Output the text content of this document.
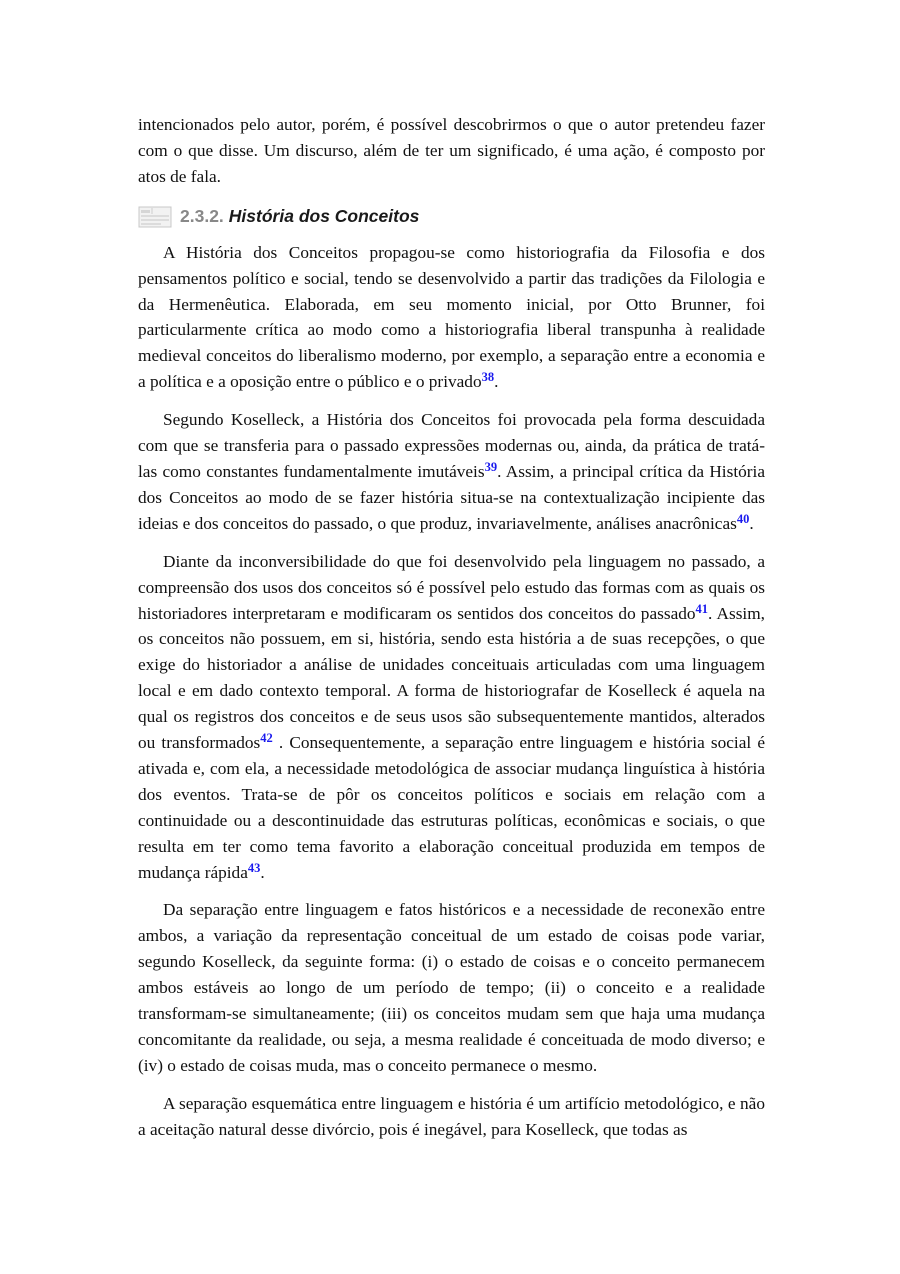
intencionados pelo autor, porém, é possível descobrirmos o que o autor pretendeu fazer com o que disse. Um discurso, além de ter um significado, é uma ação, é composto por atos de fala.

2.3.2. História dos Conceitos

A História dos Conceitos propagou-se como historiografia da Filosofia e dos pensamentos político e social, tendo se desenvolvido a partir das tradições da Filologia e da Hermenêutica. Elaborada, em seu momento inicial, por Otto Brunner, foi particularmente crítica ao modo como a historiografia liberal transpunha à realidade medieval conceitos do liberalismo moderno, por exemplo, a separação entre a economia e a política e a oposição entre o público e o privado$^{38}$.

Segundo Koselleck, a História dos Conceitos foi provocada pela forma descuidada com que se transferia para o passado expressões modernas ou, ainda, da prática de tratá-las como constantes fundamentalmente imutáveis$^{39}$. Assim, a principal crítica da História dos Conceitos ao modo de se fazer história situa-se na contextualização incipiente das ideias e dos conceitos do passado, o que produz, invariavelmente, análises anacrônicas$^{40}$.

Diante da inconversibilidade do que foi desenvolvido pela linguagem no passado, a compreensão dos usos dos conceitos só é possível pelo estudo das formas com as quais os historiadores interpretaram e modificaram os sentidos dos conceitos do passado$^{41}$. Assim, os conceitos não possuem, em si, história, sendo esta história a de suas recepções, o que exige do historiador a análise de unidades conceituais articuladas com uma linguagem local e em dado contexto temporal. A forma de historiografar de Koselleck é aquela na qual os registros dos conceitos e de seus usos são subsequentemente mantidos, alterados ou transformados$^{42}$ . Consequentemente, a separação entre linguagem e história social é ativada e, com ela, a necessidade metodológica de associar mudança linguística à história dos eventos. Trata-se de pôr os conceitos políticos e sociais em relação com a continuidade ou a descontinuidade das estruturas políticas, econômicas e sociais, o que resulta em ter como tema favorito a elaboração conceitual produzida em tempos de mudança rápida$^{43}$.

Da separação entre linguagem e fatos históricos e a necessidade de reconexão entre ambos, a variação da representação conceitual de um estado de coisas pode variar, segundo Koselleck, da seguinte forma: (i) o estado de coisas e o conceito permanecem ambos estáveis ao longo de um período de tempo; (ii) o conceito e a realidade transformam-se simultaneamente; (iii) os conceitos mudam sem que haja uma mudança concomitante da realidade, ou seja, a mesma realidade é conceituada de modo diverso; e (iv) o estado de coisas muda, mas o conceito permanece o mesmo.

A separação esquemática entre linguagem e história é um artifício metodológico, e não a aceitação natural desse divórcio, pois é inegável, para Koselleck, que todas as
